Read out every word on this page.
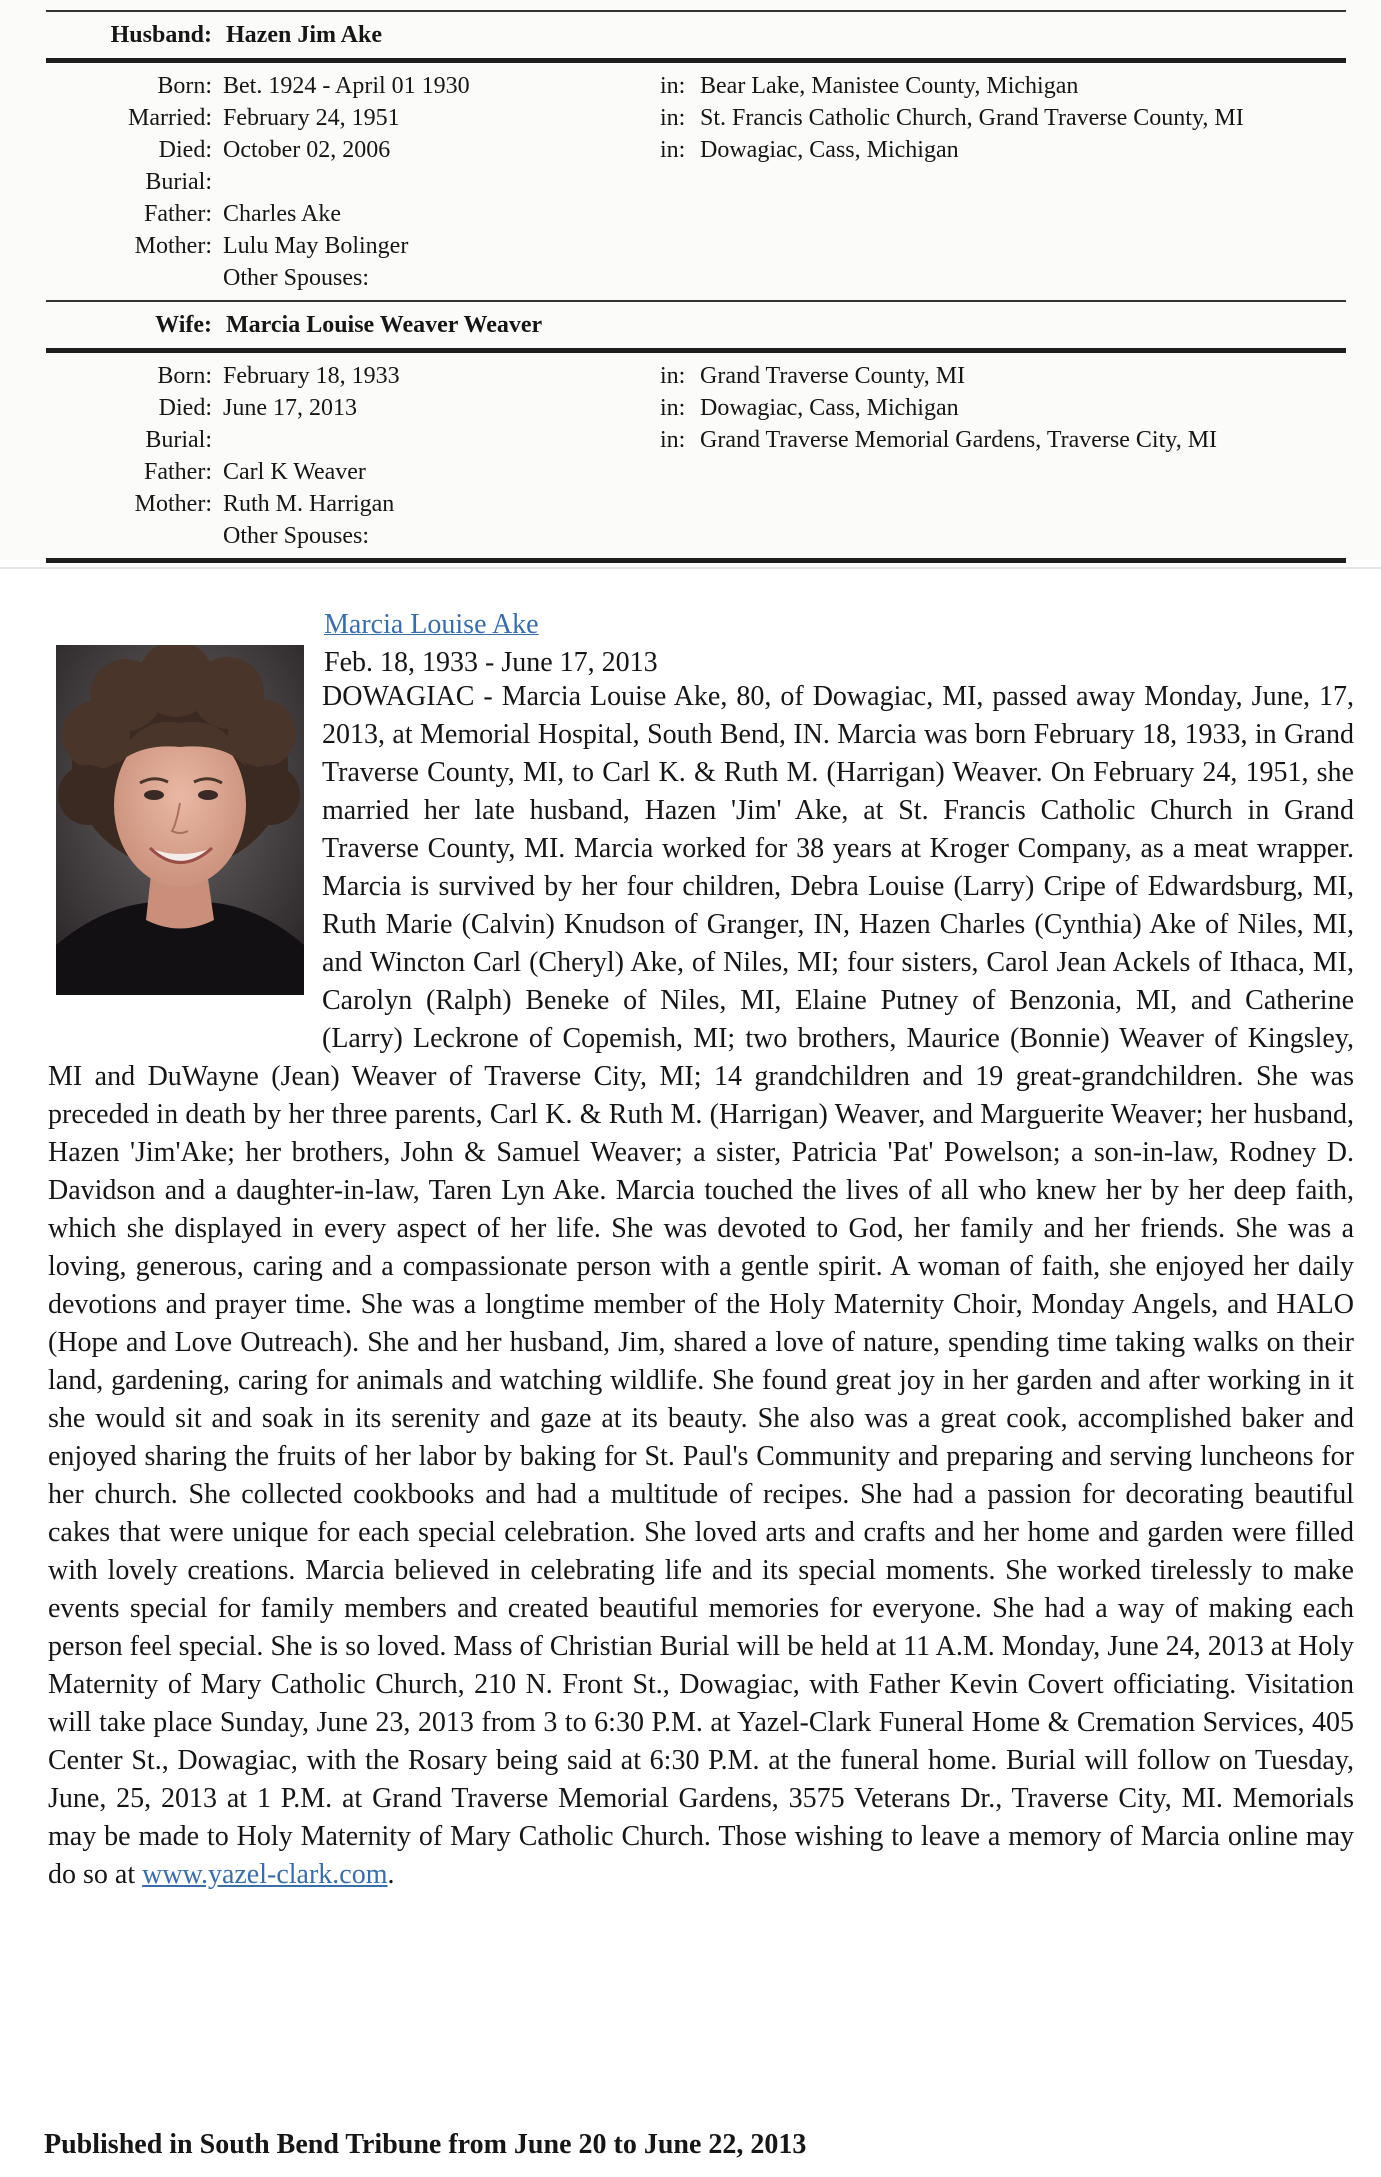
Husband: Hazen Jim Ake
Born: Bet. 1924 - April 01 1930	in: Bear Lake, Manistee County, Michigan
Married: February 24, 1951	in: St. Francis Catholic Church, Grand Traverse County, MI
Died: October 02, 2006	in: Dowagiac, Cass, Michigan
Burial:
Father: Charles Ake
Mother: Lulu May Bolinger
Other Spouses:
Wife: Marcia Louise Weaver Weaver
Born: February 18, 1933	in: Grand Traverse County, MI
Died: June 17, 2013	in: Dowagiac, Cass, Michigan
Burial:	in: Grand Traverse Memorial Gardens, Traverse City, MI
Father: Carl K Weaver
Mother: Ruth M. Harrigan
Other Spouses:
Marcia Louise Ake
Feb. 18, 1933 - June 17, 2013
DOWAGIAC - Marcia Louise Ake, 80, of Dowagiac, MI, passed away Monday, June, 17, 2013, at Memorial Hospital, South Bend, IN. Marcia was born February 18, 1933, in Grand Traverse County, MI, to Carl K. & Ruth M. (Harrigan) Weaver. On February 24, 1951, she married her late husband, Hazen 'Jim' Ake, at St. Francis Catholic Church in Grand Traverse County, MI. Marcia worked for 38 years at Kroger Company, as a meat wrapper. Marcia is survived by her four children, Debra Louise (Larry) Cripe of Edwardsburg, MI, Ruth Marie (Calvin) Knudson of Granger, IN, Hazen Charles (Cynthia) Ake of Niles, MI, and Wincton Carl (Cheryl) Ake, of Niles, MI; four sisters, Carol Jean Ackels of Ithaca, MI, Carolyn (Ralph) Beneke of Niles, MI, Elaine Putney of Benzonia, MI, and Catherine (Larry) Leckrone of Copemish, MI; two brothers, Maurice (Bonnie) Weaver of Kingsley, MI and DuWayne (Jean) Weaver of Traverse City, MI; 14 grandchildren and 19 great-grandchildren. She was preceded in death by her three parents, Carl K. & Ruth M. (Harrigan) Weaver, and Marguerite Weaver; her husband, Hazen 'Jim'Ake; her brothers, John & Samuel Weaver; a sister, Patricia 'Pat' Powelson; a son-in-law, Rodney D. Davidson and a daughter-in-law, Taren Lyn Ake. Marcia touched the lives of all who knew her by her deep faith, which she displayed in every aspect of her life. She was devoted to God, her family and her friends. She was a loving, generous, caring and a compassionate person with a gentle spirit. A woman of faith, she enjoyed her daily devotions and prayer time. She was a longtime member of the Holy Maternity Choir, Monday Angels, and HALO (Hope and Love Outreach). She and her husband, Jim, shared a love of nature, spending time taking walks on their land, gardening, caring for animals and watching wildlife. She found great joy in her garden and after working in it she would sit and soak in its serenity and gaze at its beauty. She also was a great cook, accomplished baker and enjoyed sharing the fruits of her labor by baking for St. Paul's Community and preparing and serving luncheons for her church. She collected cookbooks and had a multitude of recipes. She had a passion for decorating beautiful cakes that were unique for each special celebration. She loved arts and crafts and her home and garden were filled with lovely creations. Marcia believed in celebrating life and its special moments. She worked tirelessly to make events special for family members and created beautiful memories for everyone. She had a way of making each person feel special. She is so loved. Mass of Christian Burial will be held at 11 A.M. Monday, June 24, 2013 at Holy Maternity of Mary Catholic Church, 210 N. Front St., Dowagiac, with Father Kevin Covert officiating. Visitation will take place Sunday, June 23, 2013 from 3 to 6:30 P.M. at Yazel-Clark Funeral Home & Cremation Services, 405 Center St., Dowagiac, with the Rosary being said at 6:30 P.M. at the funeral home. Burial will follow on Tuesday, June, 25, 2013 at 1 P.M. at Grand Traverse Memorial Gardens, 3575 Veterans Dr., Traverse City, MI. Memorials may be made to Holy Maternity of Mary Catholic Church. Those wishing to leave a memory of Marcia online may do so at www.yazel-clark.com.
Published in South Bend Tribune from June 20 to June 22, 2013
